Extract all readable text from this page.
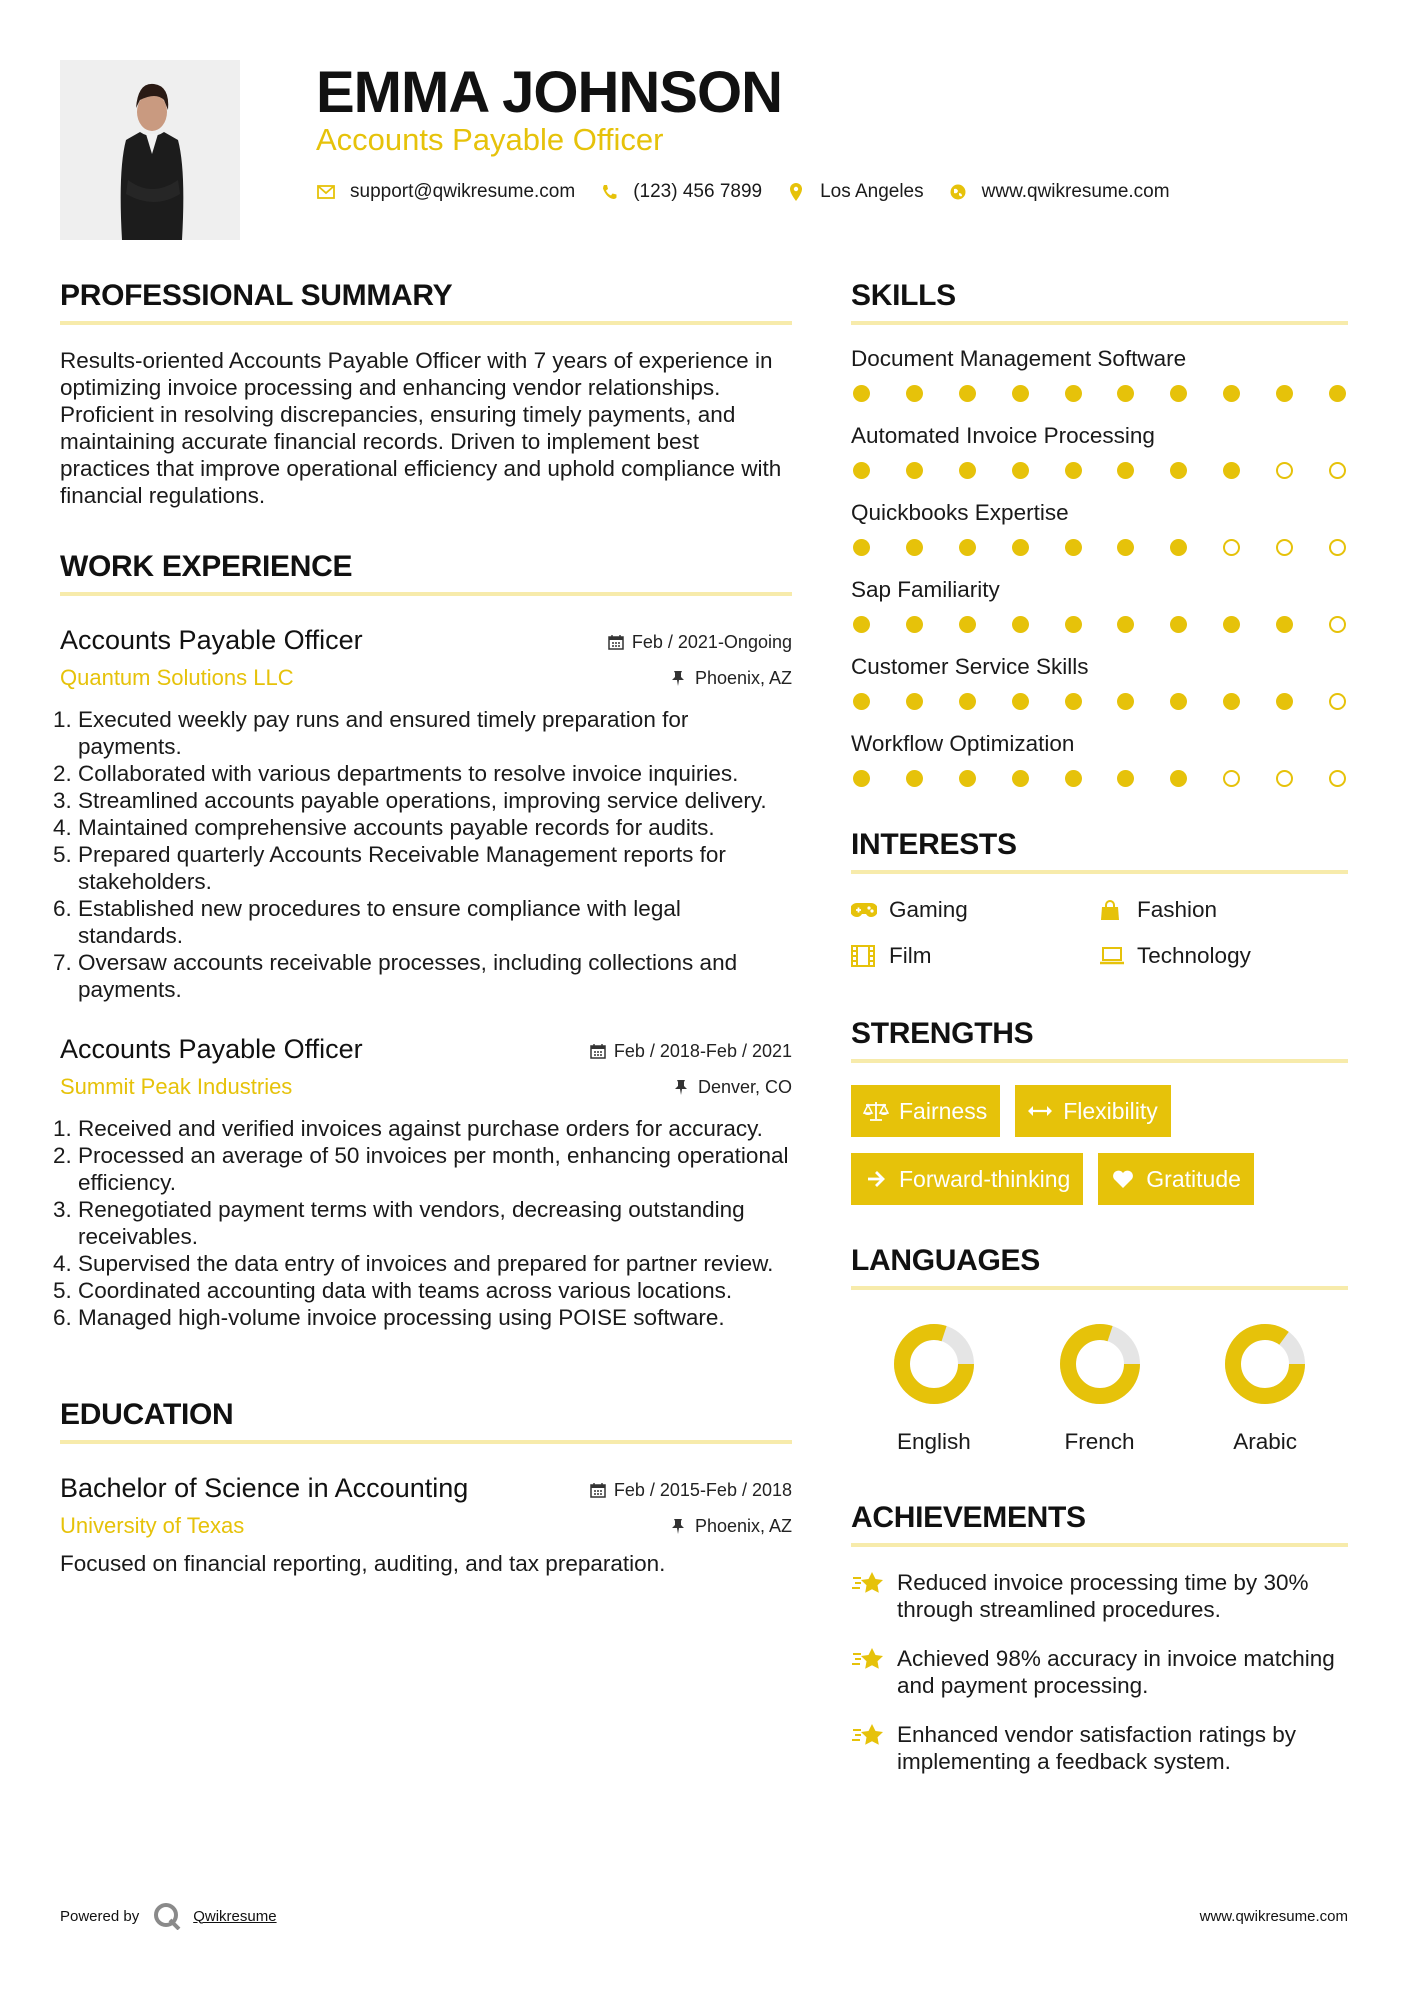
EMMA JOHNSON
Accounts Payable Officer
support@qwikresume.com	(123) 456 7899	Los Angeles	www.qwikresume.com
PROFESSIONAL SUMMARY
Results-oriented Accounts Payable Officer with 7 years of experience in optimizing invoice processing and enhancing vendor relationships. Proficient in resolving discrepancies, ensuring timely payments, and maintaining accurate financial records. Driven to implement best practices that improve operational efficiency and uphold compliance with financial regulations.
WORK EXPERIENCE
Accounts Payable Officer	Feb / 2021-Ongoing
Quantum Solutions LLC	Phoenix, AZ
1. Executed weekly pay runs and ensured timely preparation for payments.
2. Collaborated with various departments to resolve invoice inquiries.
3. Streamlined accounts payable operations, improving service delivery.
4. Maintained comprehensive accounts payable records for audits.
5. Prepared quarterly Accounts Receivable Management reports for stakeholders.
6. Established new procedures to ensure compliance with legal standards.
7. Oversaw accounts receivable processes, including collections and payments.
Accounts Payable Officer	Feb / 2018-Feb / 2021
Summit Peak Industries	Denver, CO
1. Received and verified invoices against purchase orders for accuracy.
2. Processed an average of 50 invoices per month, enhancing operational efficiency.
3. Renegotiated payment terms with vendors, decreasing outstanding receivables.
4. Supervised the data entry of invoices and prepared for partner review.
5. Coordinated accounting data with teams across various locations.
6. Managed high-volume invoice processing using POISE software.
EDUCATION
Bachelor of Science in Accounting	Feb / 2015-Feb / 2018
University of Texas	Phoenix, AZ
Focused on financial reporting, auditing, and tax preparation.
SKILLS
Document Management Software
Automated Invoice Processing
Quickbooks Expertise
Sap Familiarity
Customer Service Skills
Workflow Optimization
INTERESTS
Gaming	Fashion
Film	Technology
STRENGTHS
Fairness	Flexibility
Forward-thinking	Gratitude
LANGUAGES
English	French	Arabic
ACHIEVEMENTS
Reduced invoice processing time by 30% through streamlined procedures.
Achieved 98% accuracy in invoice matching and payment processing.
Enhanced vendor satisfaction ratings by implementing a feedback system.
Powered by	Qwikresume	www.qwikresume.com
